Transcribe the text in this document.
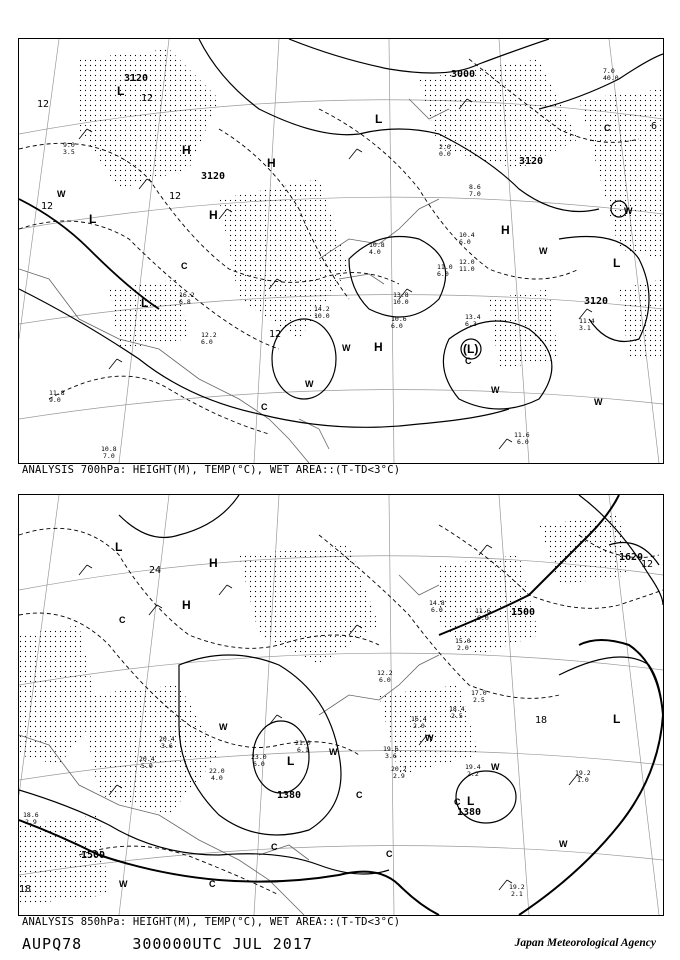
3120	3000
3120
3120
3120
12
12
12
12
12
6
H
H
H
H
H
L
L
L
L
(L)
L
W
W
W
W
W
W
W
C
C
C
C
11.6
6.0
10.8
7.0
13.4
6.3	11.4
3.1
10.6
6.0
13.8
10.0
12.0
11.0
7.0
40.0
11.0
6.0
14.2
10.0
10.4
6.0
10.8
4.0
16.2
6.8
12.2
6.0
11.8
9.0
9.0
3.5
8.6
7.0
2.0
0.0
ANALYSIS 700hPa: HEIGHT(M), TEMP(°C), WET AREA::(T-TD<3°C)
1500
1500
1380
1380
1620
24
18
18
12
H
H
L
L
L
L
W
W
W
W
W
W
C
C
C
C
C
C
19.2
2.1
19.2
1.0
19.4
2.2
20.2
2.9
19.6
3.6
18.6
2.9
20.4
3.6
17.0
2.5
15.0
2.0
11.6
6.0
12.2
6.0
21.0
6.1
22.0
4.0
18.4
2.5
14.8
6.0
16.4
2.0
20.4
5.0
23.0
6.0
ANALYSIS 850hPa: HEIGHT(M), TEMP(°C), WET AREA::(T-TD<3°C)
AUPQ78	300000UTC JUL 2017	Japan Meteorological Agency
